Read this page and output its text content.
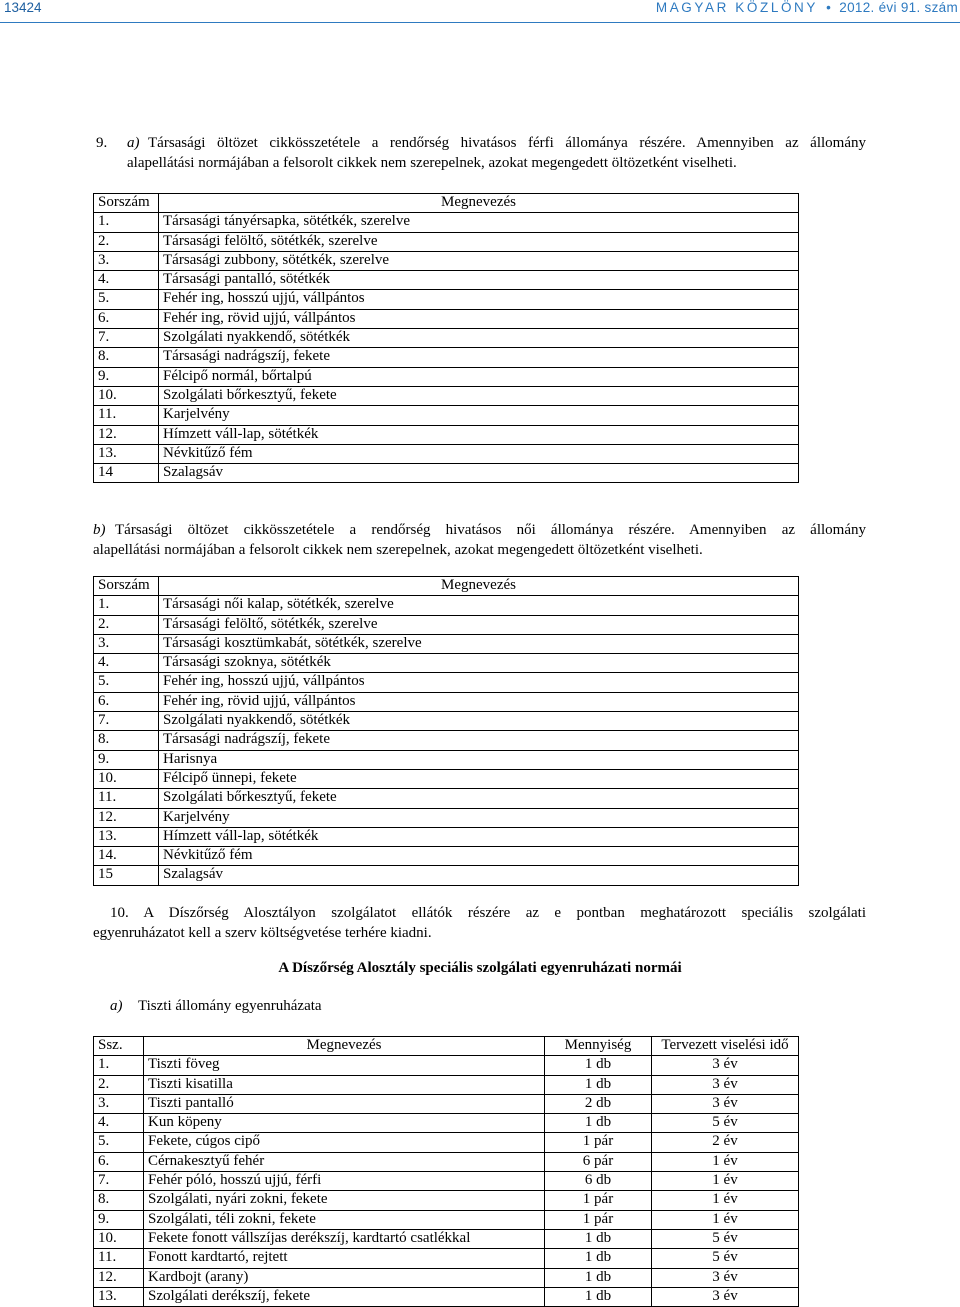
13424	MAGYAR KÖZLÖNY  •  2012. évi 91. szám
9.	a) Társasági öltözet cikkösszetétele a rendőrség hivatásos férfi állománya részére. Amennyiben az állomány
alapellátási normájában a felsorolt cikkek nem szerepelnek, azokat megengedett öltözetként viselheti.
Sorszám	Megnevezés
1.	Társasági tányérsapka, sötétkék, szerelve
2.	Társasági felöltő, sötétkék, szerelve
3.	Társasági zubbony, sötétkék, szerelve
4.	Társasági pantalló, sötétkék
5.	Fehér ing, hosszú ujjú, vállpántos
6.	Fehér ing, rövid ujjú, vállpántos
7.	Szolgálati nyakkendő, sötétkék
8.	Társasági nadrágszíj, fekete
9.	Félcipő normál, bőrtalpú
10.	Szolgálati bőrkesztyű, fekete
11.	Karjelvény
12.	Hímzett váll-lap, sötétkék
13.	Névkitűző fém
14	Szalagsáv
b) Társasági öltözet cikkösszetétele a rendőrség hivatásos női állománya részére. Amennyiben az állomány
alapellátási normájában a felsorolt cikkek nem szerepelnek, azokat megengedett öltözetként viselheti.
Sorszám	Megnevezés
1.	Társasági női kalap, sötétkék, szerelve
2.	Társasági felöltő, sötétkék, szerelve
3.	Társasági kosztümkabát, sötétkék, szerelve
4.	Társasági szoknya, sötétkék
5.	Fehér ing, hosszú ujjú, vállpántos
6.	Fehér ing, rövid ujjú, vállpántos
7.	Szolgálati nyakkendő, sötétkék
8.	Társasági nadrágszíj, fekete
9.	Harisnya
10.	Félcipő ünnepi, fekete
11.	Szolgálati bőrkesztyű, fekete
12.	Karjelvény
13.	Hímzett váll-lap, sötétkék
14.	Névkitűző fém
15	Szalagsáv
10. A Díszőrség Alosztályon szolgálatot ellátók részére az e pontban meghatározott speciális szolgálati
egyenruházatot kell a szerv költségvetése terhére kiadni.
A Díszőrség Alosztály speciális szolgálati egyenruházati normái
a) Tiszti állomány egyenruházata
Ssz.	Megnevezés	Mennyiség	Tervezett viselési idő
1.	Tiszti föveg	1 db	3 év
2.	Tiszti kisatilla	1 db	3 év
3.	Tiszti pantalló	2 db	3 év
4.	Kun köpeny	1 db	5 év
5.	Fekete, cúgos cipő	1 pár	2 év
6.	Cérnakesztyű fehér	6 pár	1 év
7.	Fehér póló, hosszú ujjú, férfi	6 db	1 év
8.	Szolgálati, nyári zokni, fekete	1 pár	1 év
9.	Szolgálati, téli zokni, fekete	1 pár	1 év
10.	Fekete fonott vállszíjas derékszíj, kardtartó csatlékkal	1 db	5 év
11.	Fonott kardtartó, rejtett	1 db	5 év
12.	Kardbojt (arany)	1 db	3 év
13.	Szolgálati derékszíj, fekete	1 db	3 év
